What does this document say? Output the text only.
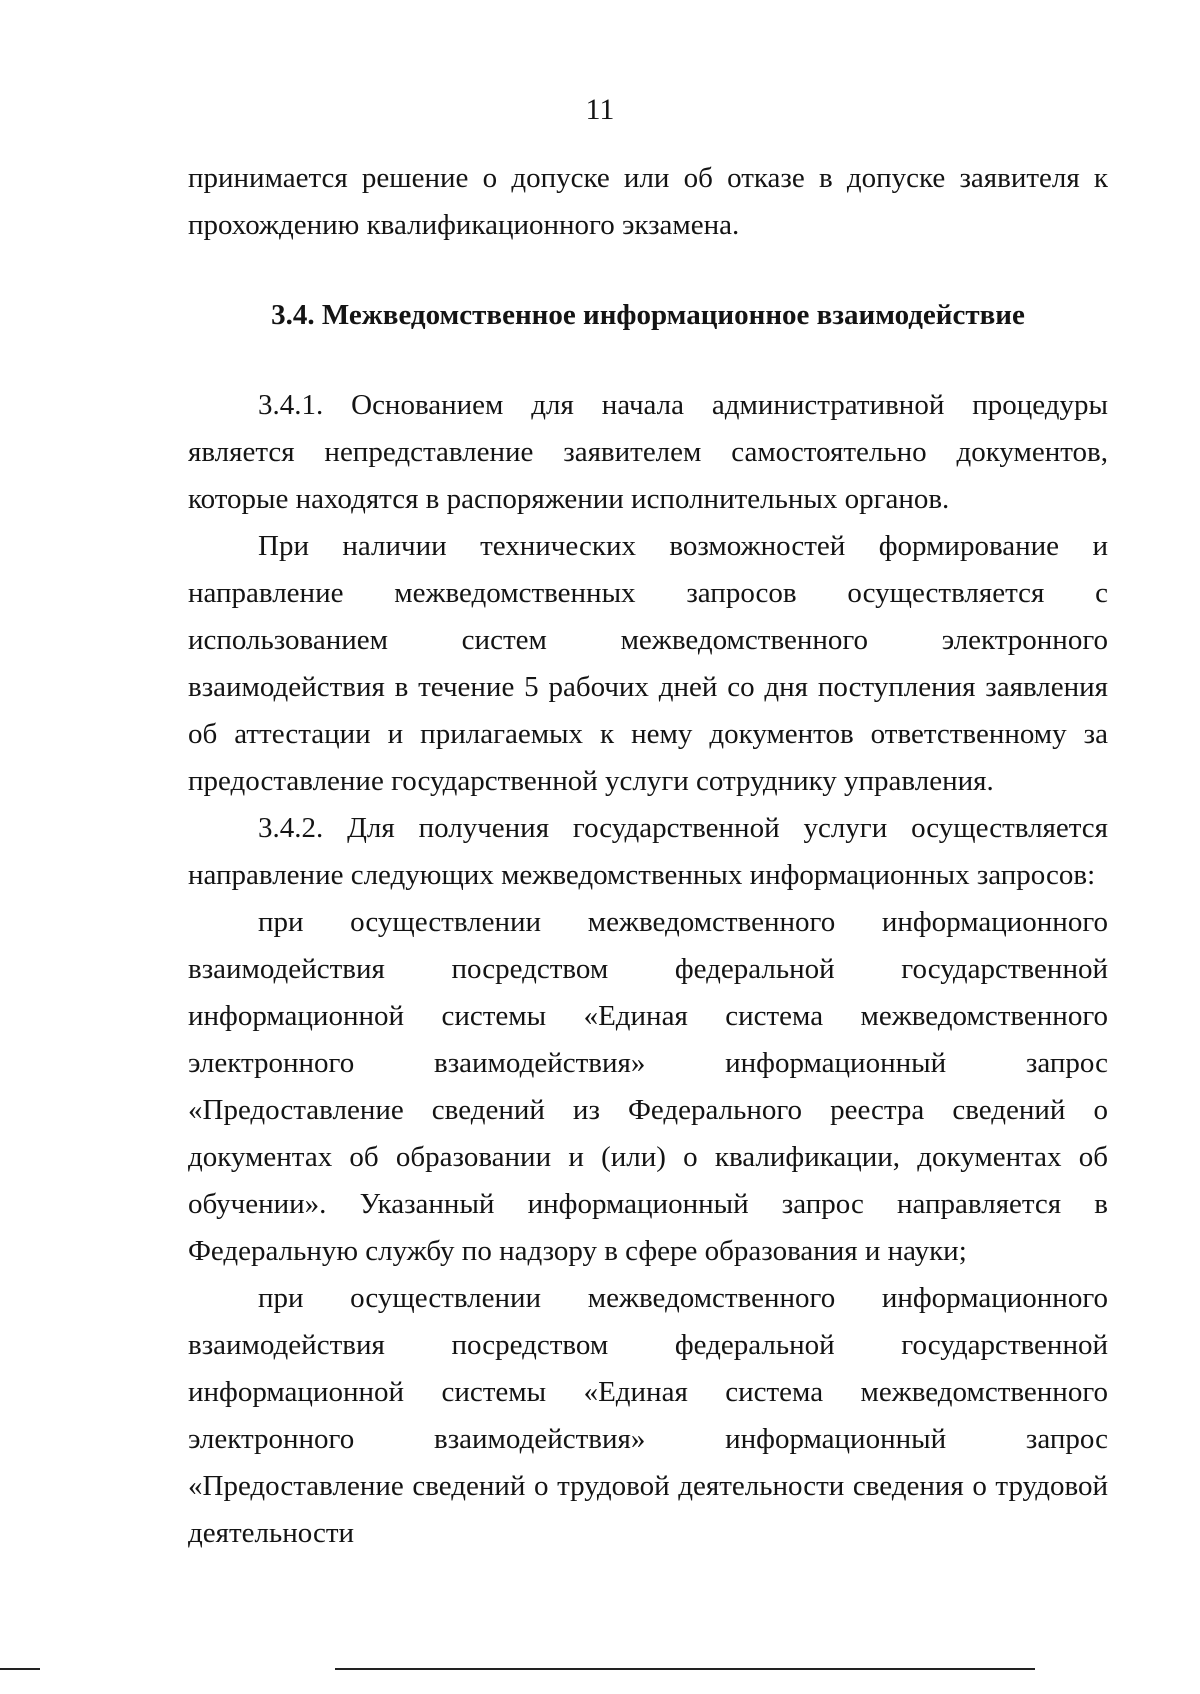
11

принимается решение о допуске или об отказе в допуске заявителя к прохождению квалификационного экзамена.

3.4. Межведомственное информационное взаимодействие

3.4.1. Основанием для начала административной процедуры является непредставление заявителем самостоятельно документов, которые находятся в распоряжении исполнительных органов.

При наличии технических возможностей формирование и направление межведомственных запросов осуществляется с использованием систем межведомственного электронного взаимодействия в течение 5 рабочих дней со дня поступления заявления об аттестации и прилагаемых к нему документов ответственному за предоставление государственной услуги сотруднику управления.

3.4.2. Для получения государственной услуги осуществляется направление следующих межведомственных информационных запросов:

при осуществлении межведомственного информационного взаимодействия посредством федеральной государственной информационной системы «Единая система межведомственного электронного взаимодействия» информационный запрос «Предоставление сведений из Федерального реестра сведений о документах об образовании и (или) о квалификации, документах об обучении». Указанный информационный запрос направляется в Федеральную службу по надзору в сфере образования и науки;

при осуществлении межведомственного информационного взаимодействия посредством федеральной государственной информационной системы «Единая система межведомственного электронного взаимодействия» информационный запрос «Предоставление сведений о трудовой деятельности сведения о трудовой деятельности
